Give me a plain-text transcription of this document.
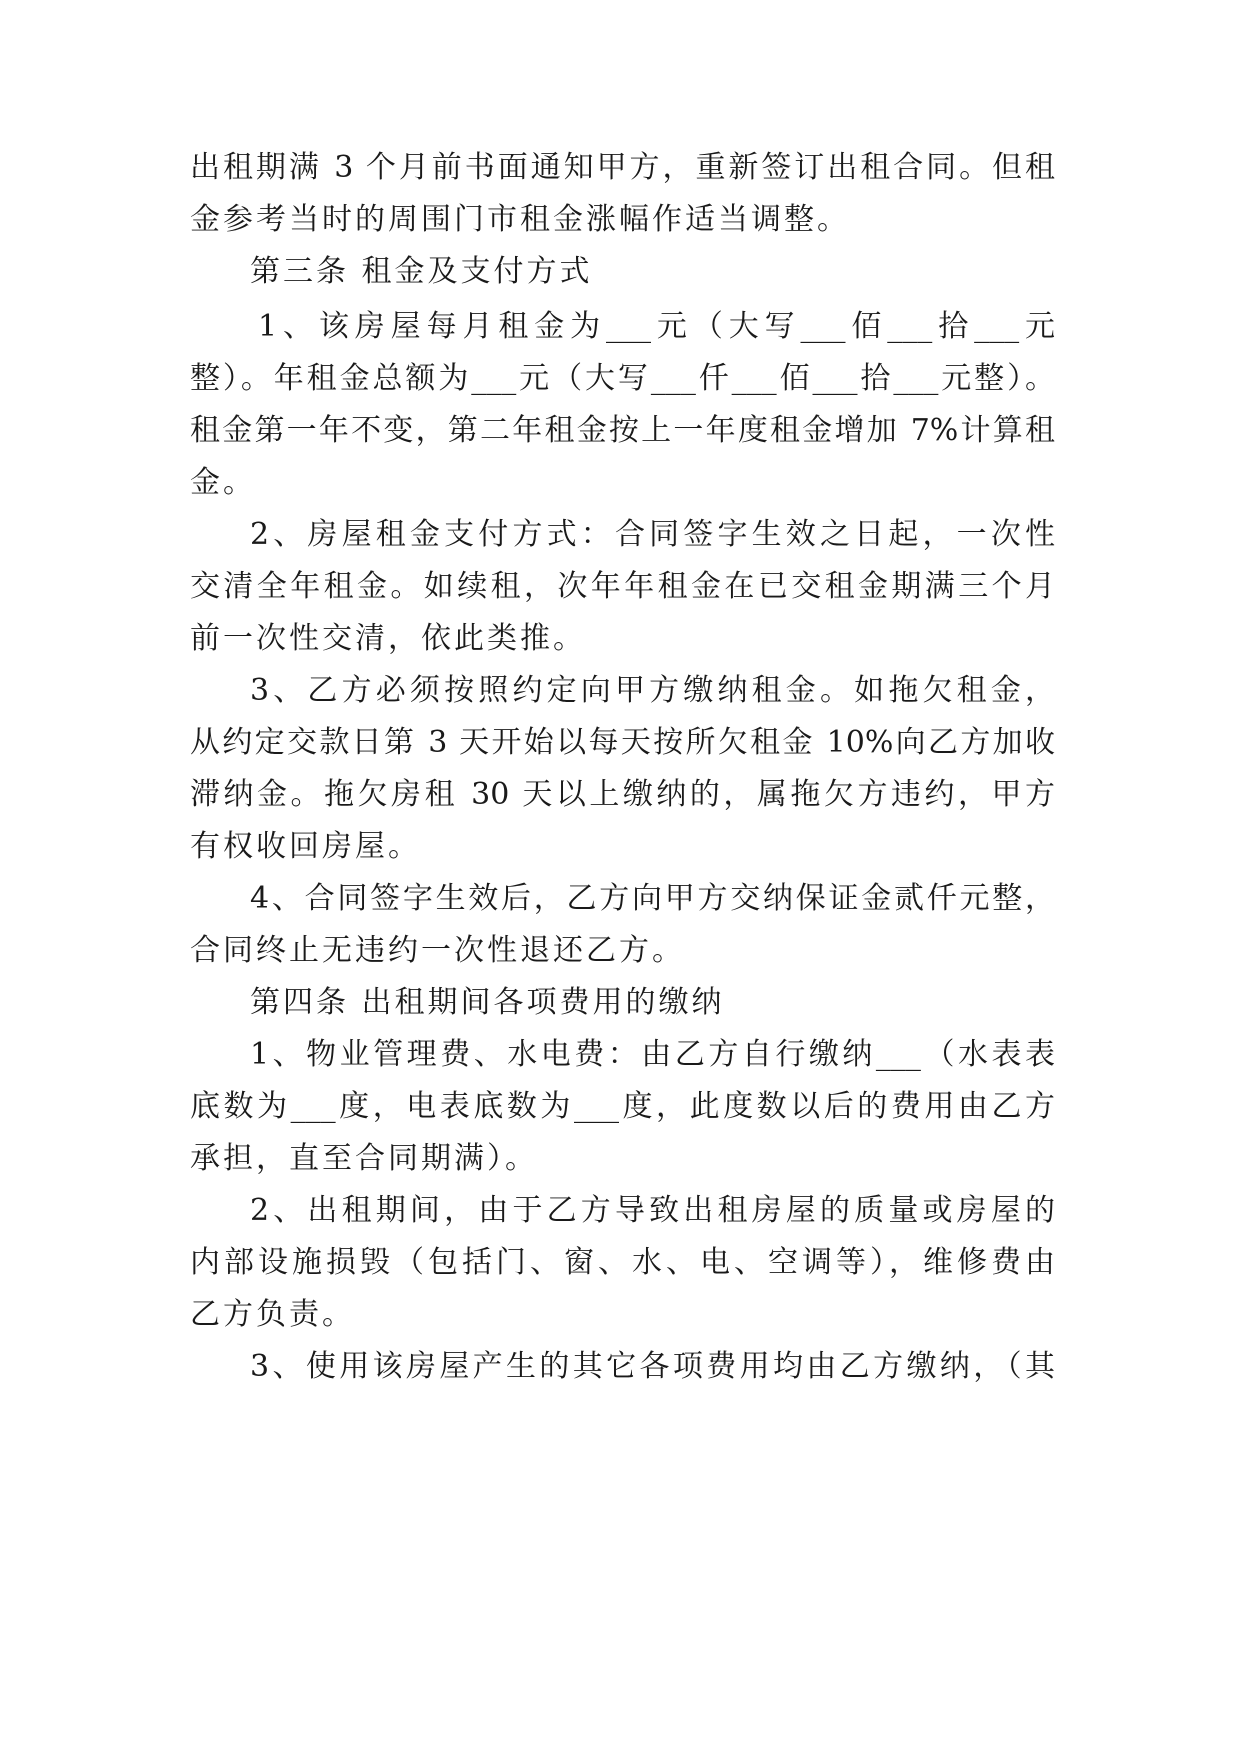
出租期满 3 个月前书面通知甲方，重新签订出租合同。但租
金参考当时的周围门市租金涨幅作适当调整。
第三条 租金及支付方式
1、该房屋每月租金为___元（大写___佰___拾___元
整）。年租金总额为___元（大写___仟___佰___拾___元整）。
租金第一年不变，第二年租金按上一年度租金增加 7%计算租
金。
2、房屋租金支付方式：合同签字生效之日起，一次性
交清全年租金。如续租，次年年租金在已交租金期满三个月
前一次性交清，依此类推。
3、乙方必须按照约定向甲方缴纳租金。如拖欠租金，
从约定交款日第 3 天开始以每天按所欠租金 10%向乙方加收
滞纳金。拖欠房租 30 天以上缴纳的，属拖欠方违约，甲方
有权收回房屋。
4、合同签字生效后，乙方向甲方交纳保证金贰仟元整，
合同终止无违约一次性退还乙方。
第四条 出租期间各项费用的缴纳
1、物业管理费、水电费：由乙方自行缴纳___（水表表
底数为___度，电表底数为___度，此度数以后的费用由乙方
承担，直至合同期满）。
2、出租期间，由于乙方导致出租房屋的质量或房屋的
内部设施损毁（包括门、窗、水、电、空调等），维修费由
乙方负责。
3、使用该房屋产生的其它各项费用均由乙方缴纳，（其
